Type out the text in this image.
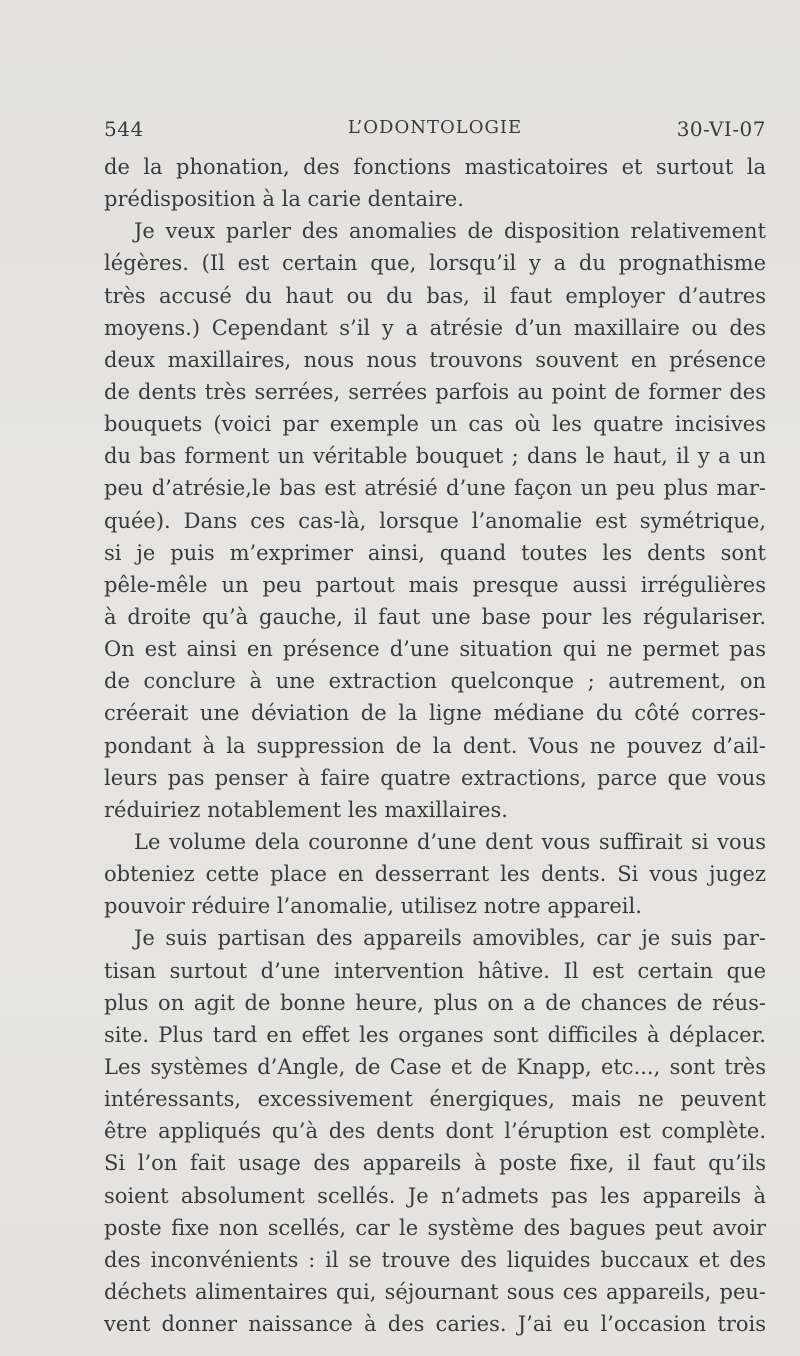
544	L’ODONTOLOGIE	30-VI-07
de la phonation, des fonctions masticatoires et surtout la
prédisposition à la carie dentaire.
Je veux parler des anomalies de disposition relativement
légères. (Il est certain que, lorsqu’il y a du prognathisme
très accusé du haut ou du bas, il faut employer d’autres
moyens.) Cependant s’il y a atrésie d’un maxillaire ou des
deux maxillaires, nous nous trouvons souvent en présence
de dents très serrées, serrées parfois au point de former des
bouquets (voici par exemple un cas où les quatre incisives
du bas forment un véritable bouquet ; dans le haut, il y a un
peu d’atrésie,le bas est atrésié d’une façon un peu plus mar-
quée). Dans ces cas-là, lorsque l’anomalie est symétrique,
si je puis m’exprimer ainsi, quand toutes les dents sont
pêle-mêle un peu partout mais presque aussi irrégulières
à droite qu’à gauche, il faut une base pour les régulariser.
On est ainsi en présence d’une situation qui ne permet pas
de conclure à une extraction quelconque ; autrement, on
créerait une déviation de la ligne médiane du côté corres-
pondant à la suppression de la dent. Vous ne pouvez d’ail-
leurs pas penser à faire quatre extractions, parce que vous
réduiriez notablement les maxillaires.
Le volume dela couronne d’une dent vous suffirait si vous
obteniez cette place en desserrant les dents. Si vous jugez
pouvoir réduire l’anomalie, utilisez notre appareil.
Je suis partisan des appareils amovibles, car je suis par-
tisan surtout d’une intervention hâtive. Il est certain que
plus on agit de bonne heure, plus on a de chances de réus-
site. Plus tard en effet les organes sont difficiles à déplacer.
Les systèmes d’Angle, de Case et de Knapp, etc..., sont très
intéressants, excessivement énergiques, mais ne peuvent
être appliqués qu’à des dents dont l’éruption est complète.
Si l’on fait usage des appareils à poste fixe, il faut qu’ils
soient absolument scellés. Je n’admets pas les appareils à
poste fixe non scellés, car le système des bagues peut avoir
des inconvénients : il se trouve des liquides buccaux et des
déchets alimentaires qui, séjournant sous ces appareils, peu-
vent donner naissance à des caries. J’ai eu l’occasion trois
